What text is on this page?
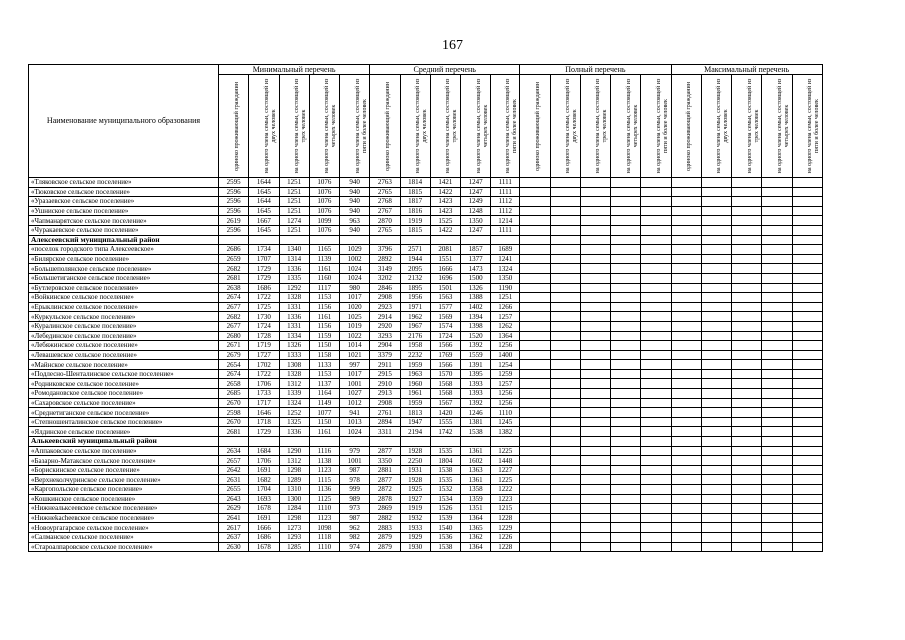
167
Наименование муниципального образования	Минимальный перечень					Средний перечень					Полный перечень					Максимальный перечень				

	одиноко проживающий гражданин	на одного члена семьи, состоящей из двух человек	на одного члена семьи, состоящей из трех человек	на одного члена семьи, состоящей из четырех человек	на одного члена семьи, состоящей из пяти и более человек	одиноко проживающий гражданин	на одного члена семьи, состоящей из двух человек	на одного члена семьи, состоящей из трех человек	на одного члена семьи, состоящей из четырех человек	на одного члена семьи, состоящей из пяти и более человек	одиноко проживающий гражданин	на одного члена семьи, состоящей из двух человек	на одного члена семьи, состоящей из трех человек	на одного члена семьи, состоящей из четырех человек	на одного члена семьи, состоящей из пяти и более человек	одиноко проживающий гражданин	на одного члена семьи, состоящей из двух человек	на одного члена семьи, состоящей из трех человек	на одного члена семьи, состоящей из четырех человек	на одного члена семьи, состоящей из пяти и более человек

«Тляковское сельское поселение»	2595	1644	1251	1076	940	2763	1814	1421	1247	1111										
«Тюковское сельское поселение»	2596	1645	1251	1076	940	2765	1815	1422	1247	1111										
«Уразаевское сельское поселение»	2596	1644	1251	1076	940	2768	1817	1423	1249	1112										
«Ушниское сельское поселение»	2596	1645	1251	1076	940	2767	1816	1423	1248	1112										
«Чапманарятское сельское поселение»	2619	1667	1274	1099	963	2870	1919	1525	1350	1214										
«Чуракаевское сельское поселение»	2596	1645	1251	1076	940	2765	1815	1422	1247	1111										
Алексеевский муниципальный район																				
«поселок городского типа Алексеевское»	2686	1734	1340	1165	1029	3796	2571	2081	1857	1689										
«Билярское сельское поселение»	2659	1707	1314	1139	1002	2892	1944	1551	1377	1241										
«Большеполянское сельское поселение»	2682	1729	1336	1161	1024	3149	2095	1666	1473	1324										
«Большетиганское сельское поселение»	2681	1729	1335	1160	1024	3202	2132	1696	1500	1350										
«Бутлеровское сельское поселение»	2638	1686	1292	1117	980	2846	1895	1501	1326	1190										
«Войкинское сельское поселение»	2674	1722	1328	1153	1017	2908	1956	1563	1388	1251										
«Ерыклинское сельское поселение»	2677	1725	1331	1156	1020	2923	1971	1577	1402	1266										
«Куркульское сельское поселение»	2682	1730	1336	1161	1025	2914	1962	1569	1394	1257										
«Куралинское сельское поселение»	2677	1724	1331	1156	1019	2920	1967	1574	1398	1262										
«Лебединское сельское поселение»	2680	1728	1334	1159	1022	3293	2176	1724	1520	1364										
«Лебяжинское сельское поселение»	2671	1719	1326	1150	1014	2904	1958	1566	1392	1256										
«Левашевское сельское поселение»	2679	1727	1333	1158	1021	3379	2232	1769	1559	1400										
«Майнское сельское поселение»	2654	1702	1308	1133	997	2911	1959	1566	1391	1254										
«Подлесно-Шенталинское сельское поселение»	2674	1722	1328	1153	1017	2915	1963	1570	1395	1259										
«Родниковское сельское поселение»	2658	1706	1312	1137	1001	2910	1960	1568	1393	1257										
«Ромодановское сельское поселение»	2685	1733	1339	1164	1027	2913	1961	1568	1393	1256										
«Сахаровское сельское поселение»	2670	1717	1324	1149	1012	2908	1959	1567	1392	1256										
«Среднетиганское сельское поселение»	2598	1646	1252	1077	941	2761	1813	1420	1246	1110										
«Степношенталинское сельское поселение»	2670	1718	1325	1150	1013	2894	1947	1555	1381	1245										
«Ялдинское сельское поселение»	2681	1729	1336	1161	1024	3311	2194	1742	1538	1382										
Алькеевский муниципальный район																				
«Аппаковское сельское поселение»	2634	1684	1290	1116	979	2877	1928	1535	1361	1225										
«Базарно-Матакское сельское поселение»	2657	1706	1312	1138	1001	3350	2250	1804	1602	1448										
«Борискинское сельское поселение»	2642	1691	1298	1123	987	2881	1931	1538	1363	1227										
«Верхнеколчуринское сельское поселение»	2631	1682	1289	1115	978	2877	1928	1535	1361	1225										
«Каргопольское сельское поселение»	2655	1704	1310	1136	999	2872	1925	1532	1358	1222										
«Кошкинское сельское поселение»	2643	1693	1300	1125	989	2878	1927	1534	1359	1223										
«Нижнеальксеевское сельское поселение»	2629	1678	1284	1110	973	2869	1919	1526	1351	1215										
«Нижнеkachеевское сельское поселение»	2641	1691	1298	1123	987	2882	1932	1539	1364	1228										
«Новоургагарское сельское поселение»	2617	1666	1273	1098	962	2883	1933	1540	1365	1229										
«Салманское сельское поселение»	2637	1686	1293	1118	982	2879	1929	1536	1362	1226										
«Староалпаровское сельское поселение»	2630	1678	1285	1110	974	2879	1930	1538	1364	1228										
